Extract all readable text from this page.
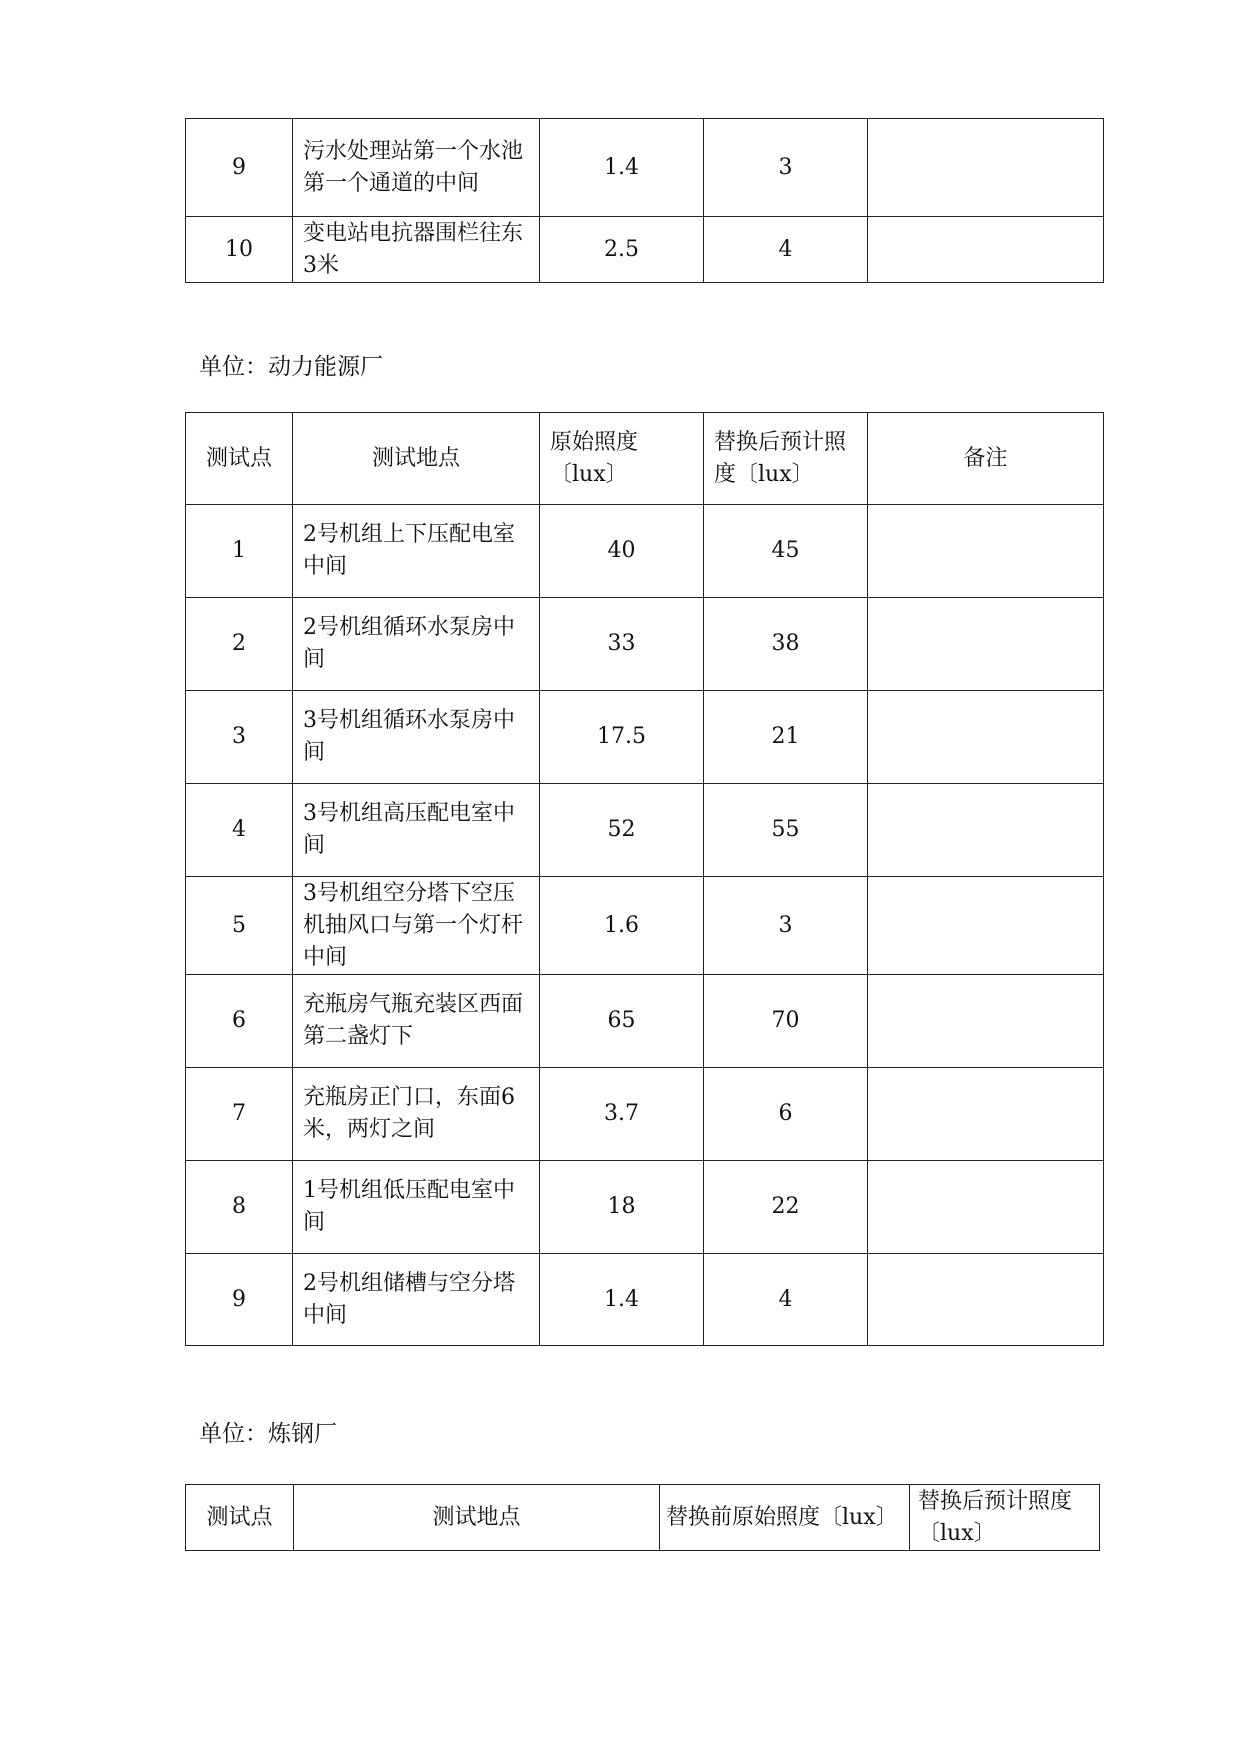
9	污水处理站第一个水池第一个通道的中间	1.4	3	
10	变电站电抗器围栏往东3米	2.5	4	
单位：动力能源厂
测试点	测试地点	原始照度〔lux〕	替换后预计照度〔lux〕	备注
1	2号机组上下压配电室中间	40	45	
2	2号机组循环水泵房中间	33	38	
3	3号机组循环水泵房中间	17.5	21	
4	3号机组高压配电室中间	52	55	
5	3号机组空分塔下空压机抽风口与第一个灯杆中间	1.6	3	
6	充瓶房气瓶充装区西面第二盏灯下	65	70	
7	充瓶房正门口，东面6米，两灯之间	3.7	6	
8	1号机组低压配电室中间	18	22	
9	2号机组储槽与空分塔中间	1.4	4	
单位：炼钢厂
测试点	测试地点	替换前原始照度〔lux〕	替换后预计照度〔lux〕
